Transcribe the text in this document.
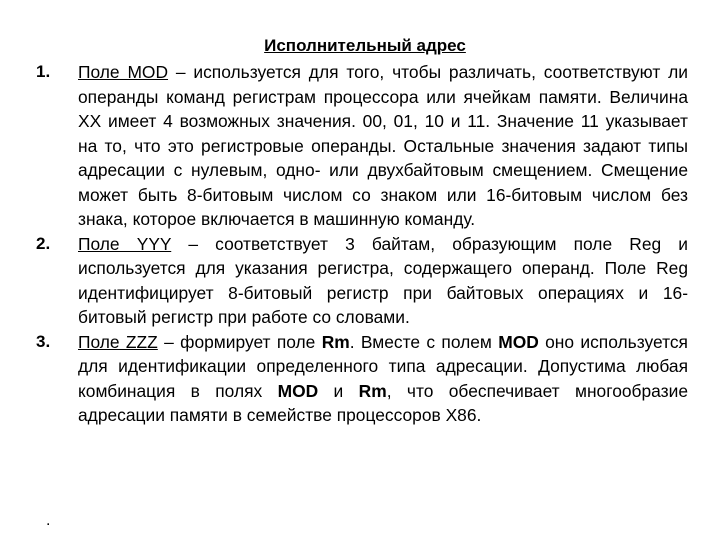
Исполнительный адрес
1. Поле MOD – используется для того, чтобы различать, соответствуют ли операнды команд регистрам процессора или ячейкам памяти. Величина XX имеет 4 возможных значения. 00, 01, 10 и 11. Значение 11 указывает на то, что это регистровые операнды. Остальные значения задают типы адресации с нулевым, одно- или двухбайтовым смещением. Смещение может быть 8-битовым числом со знаком или 16-битовым числом без знака, которое включается в машинную команду.
2. Поле YYY – соответствует 3 байтам, образующим поле Reg и используется для указания регистра, содержащего операнд. Поле Reg идентифицирует 8-битовый регистр при байтовых операциях и 16-битовый регистр при работе со словами.
3. Поле ZZZ – формирует поле Rm. Вместе с полем MOD оно используется для идентификации определенного типа адресации. Допустима любая комбинация в полях MOD и Rm, что обеспечивает многообразие адресации памяти в семействе процессоров X86.
.
